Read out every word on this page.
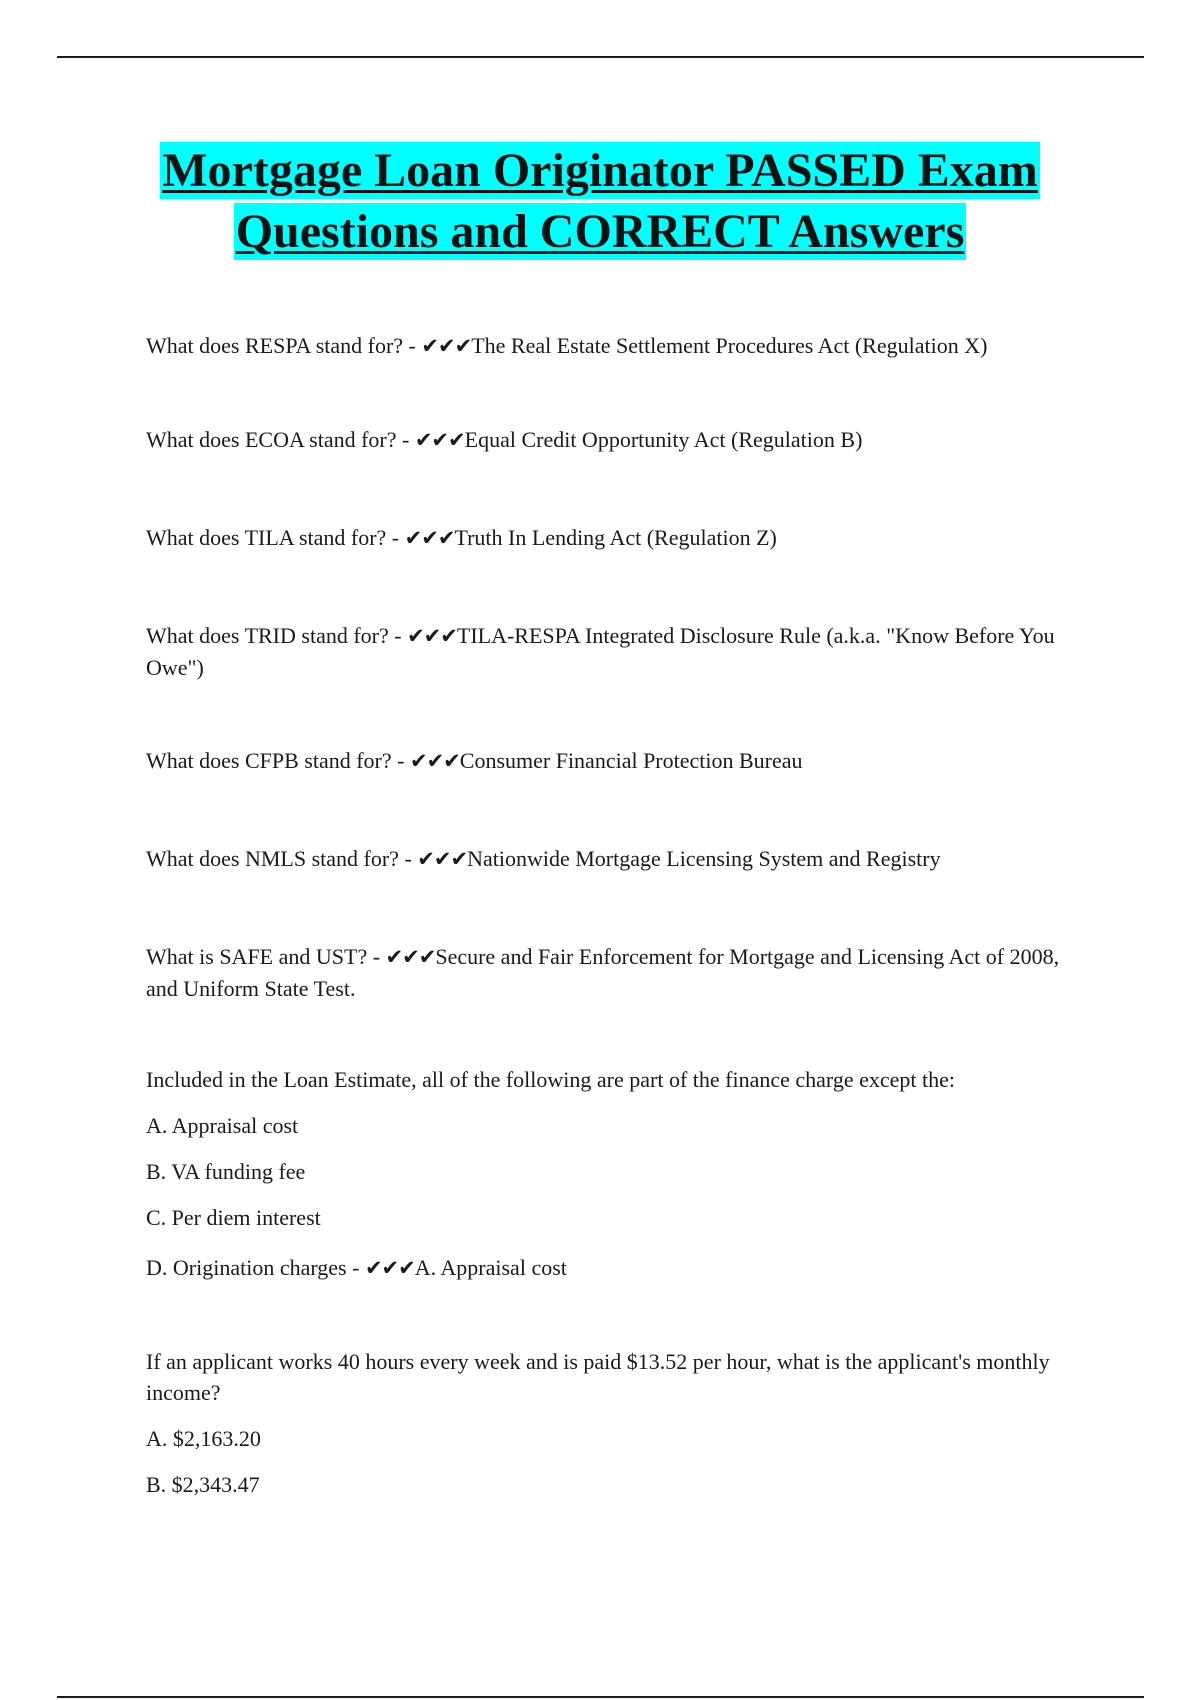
Mortgage Loan Originator PASSED Exam
Questions and CORRECT Answers

What does RESPA stand for? - ✔✔✔The Real Estate Settlement Procedures Act (Regulation X)

What does ECOA stand for? - ✔✔✔Equal Credit Opportunity Act (Regulation B)

What does TILA stand for? - ✔✔✔Truth In Lending Act (Regulation Z)

What does TRID stand for? - ✔✔✔TILA-RESPA Integrated Disclosure Rule (a.k.a. "Know Before You Owe")

What does CFPB stand for? - ✔✔✔Consumer Financial Protection Bureau

What does NMLS stand for? - ✔✔✔Nationwide Mortgage Licensing System and Registry

What is SAFE and UST? - ✔✔✔Secure and Fair Enforcement for Mortgage and Licensing Act of 2008, and Uniform State Test.

Included in the Loan Estimate, all of the following are part of the finance charge except the:

A. Appraisal cost

B. VA funding fee

C. Per diem interest

D. Origination charges - ✔✔✔A. Appraisal cost

If an applicant works 40 hours every week and is paid $13.52 per hour, what is the applicant's monthly income?

A. $2,163.20

B. $2,343.47
